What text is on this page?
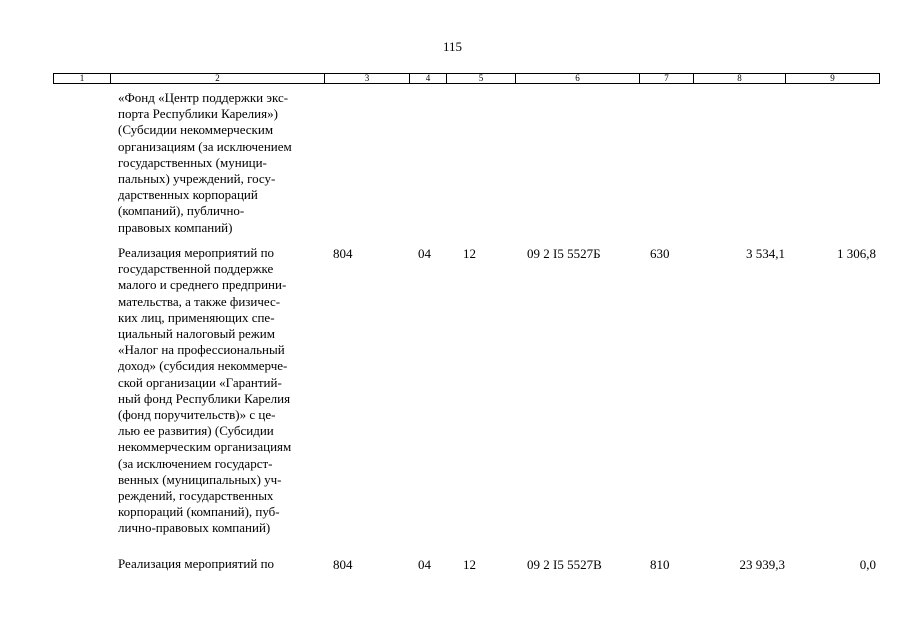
115
1	2	3	4	5	6	7	8	9
«Фонд «Центр поддержки экс-
порта Республики Карелия»)
(Субсидии некоммерческим
организациям (за исключением
государственных (муници-
пальных) учреждений, госу-
дарственных корпораций
(компаний), публично-
правовых компаний)
Реализация мероприятий по
государственной поддержке
малого и среднего предприни-
мательства, а также физичес-
ких лиц, применяющих спе-
циальный налоговый режим
«Налог на профессиональный
доход» (субсидия некоммерче-
ской организации «Гарантий-
ный фонд Республики Карелия
(фонд поручительств)» с це-
лью ее развития) (Субсидии
некоммерческим организациям
(за исключением государст-
венных (муниципальных) уч-
реждений, государственных
корпораций (компаний), пуб-
лично-правовых компаний)
804	04 12	09 2 I5 5527Б	630	3 534,1	1 306,8
Реализация мероприятий по	804	04 12	09 2 I5 5527В	810	23 939,3	0,0
